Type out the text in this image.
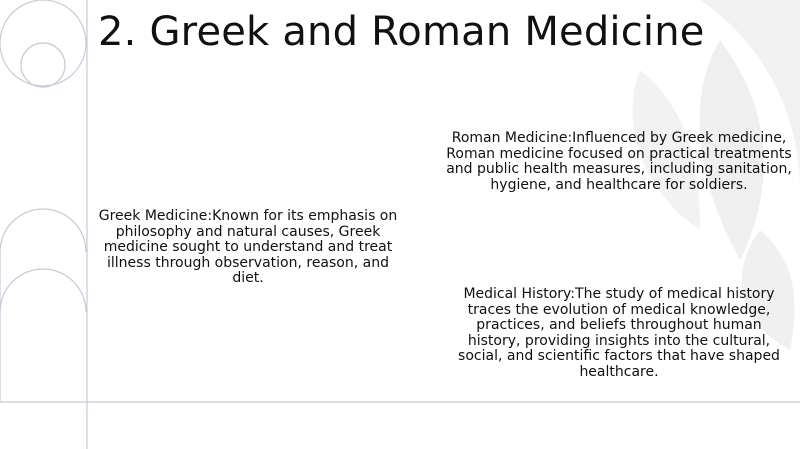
2. Greek and Roman Medicine
Greek Medicine:Known for its emphasis on philosophy and natural causes, Greek medicine sought to understand and treat illness through observation, reason, and diet.
Roman Medicine:Influenced by Greek medicine, Roman medicine focused on practical treatments and public health measures, including sanitation, hygiene, and healthcare for soldiers.
Medical History:The study of medical history traces the evolution of medical knowledge, practices, and beliefs throughout human history, providing insights into the cultural, social, and scientific factors that have shaped healthcare.
